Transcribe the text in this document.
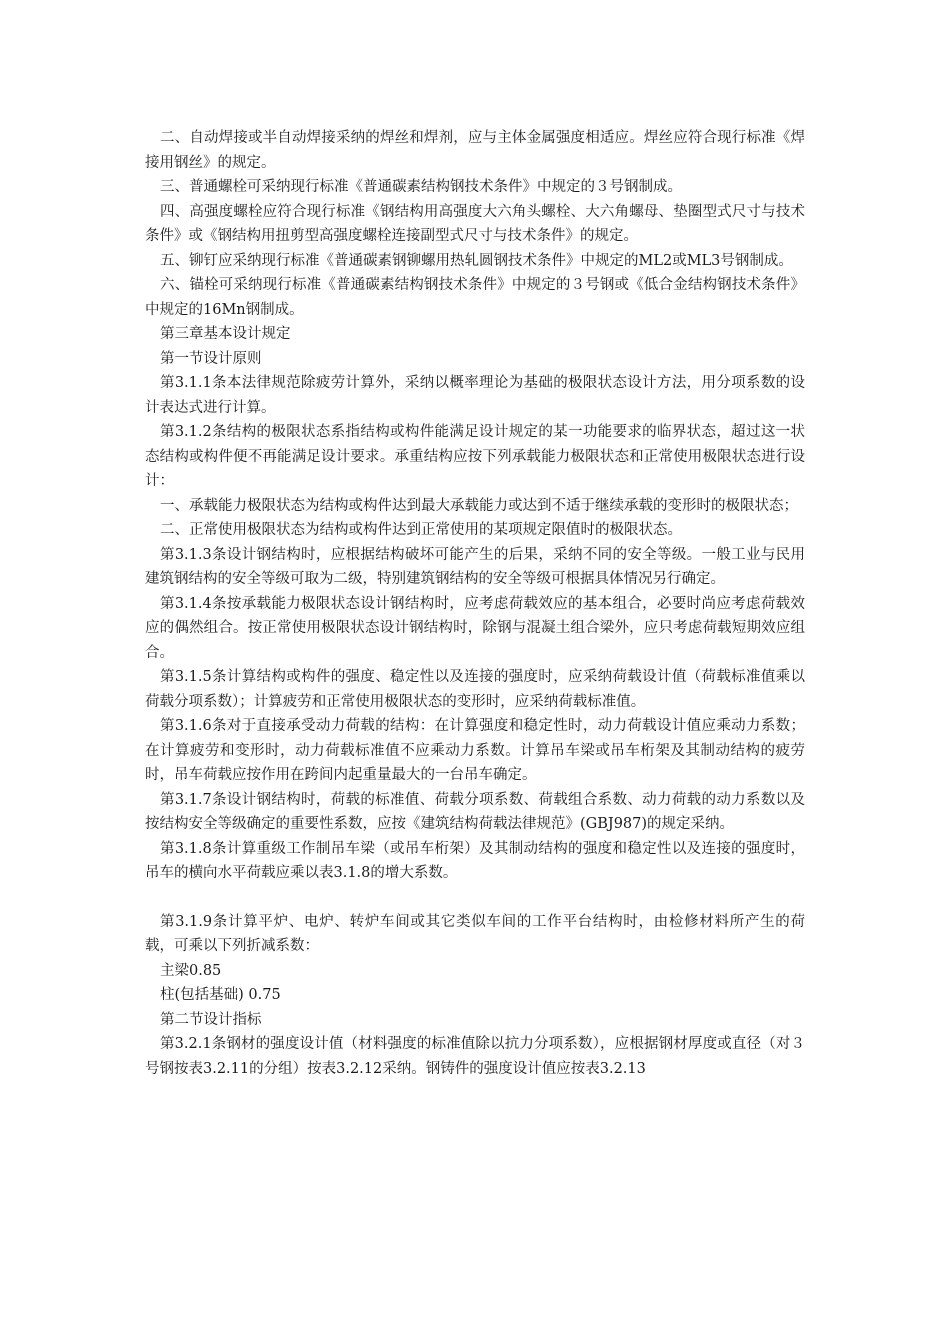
二、自动焊接或半自动焊接采纳的焊丝和焊剂，应与主体金属强度相适应。焊丝应符合现行标准《焊接用钢丝》的规定。

三、普通螺栓可采纳现行标准《普通碳素结构钢技术条件》中规定的３号钢制成。

四、高强度螺栓应符合现行标准《钢结构用高强度大六角头螺栓、大六角螺母、垫圈型式尺寸与技术条件》或《钢结构用扭剪型高强度螺栓连接副型式尺寸与技术条件》的规定。

五、铆钉应采纳现行标准《普通碳素钢铆螺用热轧圆钢技术条件》中规定的ML2或ML3号钢制成。

六、锚栓可采纳现行标准《普通碳素结构钢技术条件》中规定的３号钢或《低合金结构钢技术条件》中规定的16Mn钢制成。

第三章基本设计规定

第一节设计原则

第3.1.1条本法律规范除疲劳计算外，采纳以概率理论为基础的极限状态设计方法，用分项系数的设计表达式进行计算。

第3.1.2条结构的极限状态系指结构或构件能满足设计规定的某一功能要求的临界状态，超过这一状态结构或构件便不再能满足设计要求。承重结构应按下列承载能力极限状态和正常使用极限状态进行设计：

一、承载能力极限状态为结构或构件达到最大承载能力或达到不适于继续承载的变形时的极限状态；

二、正常使用极限状态为结构或构件达到正常使用的某项规定限值时的极限状态。

第3.1.3条设计钢结构时，应根据结构破坏可能产生的后果，采纳不同的安全等级。一般工业与民用建筑钢结构的安全等级可取为二级，特别建筑钢结构的安全等级可根据具体情况另行确定。

第3.1.4条按承载能力极限状态设计钢结构时，应考虑荷载效应的基本组合，必要时尚应考虑荷载效应的偶然组合。按正常使用极限状态设计钢结构时，除钢与混凝土组合梁外，应只考虑荷载短期效应组合。

第3.1.5条计算结构或构件的强度、稳定性以及连接的强度时，应采纳荷载设计值（荷载标准值乘以荷载分项系数）；计算疲劳和正常使用极限状态的变形时，应采纳荷载标准值。

第3.1.6条对于直接承受动力荷载的结构：在计算强度和稳定性时，动力荷载设计值应乘动力系数；在计算疲劳和变形时，动力荷载标准值不应乘动力系数。计算吊车梁或吊车桁架及其制动结构的疲劳时，吊车荷载应按作用在跨间内起重量最大的一台吊车确定。

第3.1.7条设计钢结构时，荷载的标准值、荷载分项系数、荷载组合系数、动力荷载的动力系数以及按结构安全等级确定的重要性系数，应按《建筑结构荷载法律规范》(GBJ987)的规定采纳。

第3.1.8条计算重级工作制吊车梁（或吊车桁架）及其制动结构的强度和稳定性以及连接的强度时，吊车的横向水平荷载应乘以表3.1.8的增大系数。

第3.1.9条计算平炉、电炉、转炉车间或其它类似车间的工作平台结构时，由检修材料所产生的荷载，可乘以下列折减系数：

主梁0.85

柱(包括基础) 0.75

第二节设计指标

第3.2.1条钢材的强度设计值（材料强度的标准值除以抗力分项系数），应根据钢材厚度或直径（对３号钢按表3.2.11的分组）按表3.2.12采纳。钢铸件的强度设计值应按表3.2.13
